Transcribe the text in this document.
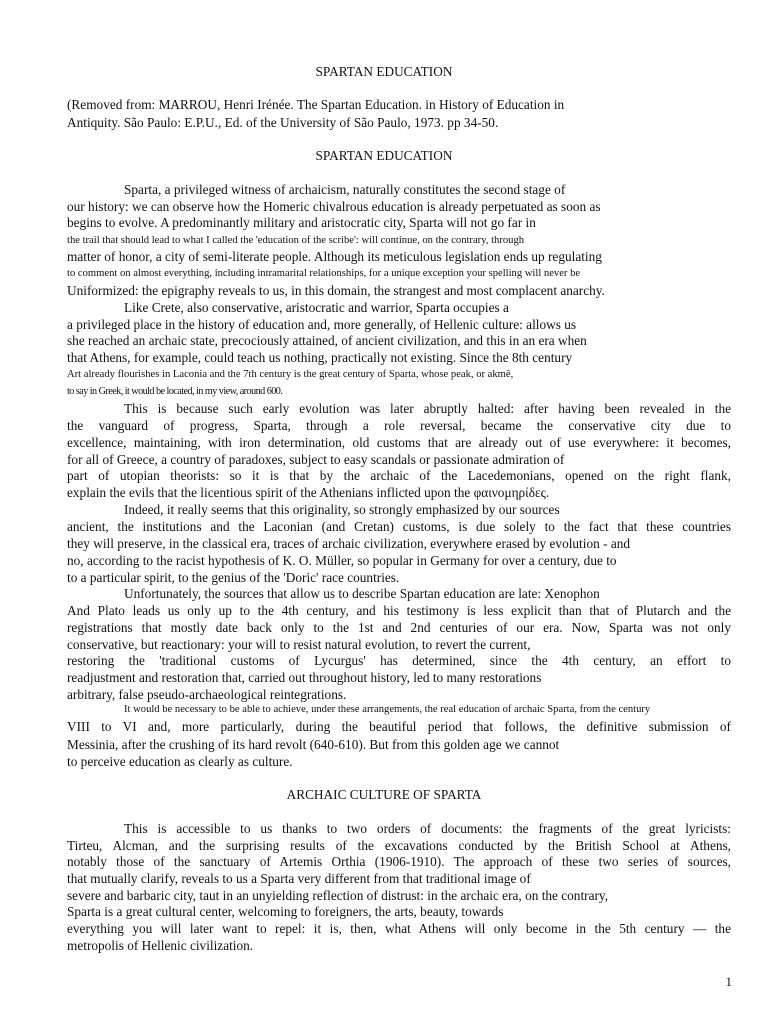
SPARTAN EDUCATION
(Removed from: MARROU, Henri Irénée. The Spartan Education. in History of Education in
Antiquity. São Paulo: E.P.U., Ed. of the University of São Paulo, 1973. pp 34-50.
SPARTAN EDUCATION
Sparta, a privileged witness of archaicism, naturally constitutes the second stage of
our history: we can observe how the Homeric chivalrous education is already perpetuated as soon as
begins to evolve. A predominantly military and aristocratic city, Sparta will not go far in
the trail that should lead to what I called the 'education of the scribe': will continue, on the contrary, through
matter of honor, a city of semi-literate people. Although its meticulous legislation ends up regulating
to comment on almost everything, including intramarital relationships, for a unique exception your spelling will never be
Uniformized: the epigraphy reveals to us, in this domain, the strangest and most complacent anarchy.
Like Crete, also conservative, aristocratic and warrior, Sparta occupies a
a privileged place in the history of education and, more generally, of Hellenic culture: allows us
she reached an archaic state, precociously attained, of ancient civilization, and this in an era when
that Athens, for example, could teach us nothing, practically not existing. Since the 8th century
Art already flourishes in Laconia and the 7th century is the great century of Sparta, whose peak, or akmē,
to say in Greek, it would be located, in my view, around 600.
This is because such early evolution was later abruptly halted: after having been revealed in the
the vanguard of progress, Sparta, through a role reversal, became the conservative city due to
excellence, maintaining, with iron determination, old customs that are already out of use everywhere: it becomes,
for all of Greece, a country of paradoxes, subject to easy scandals or passionate admiration of
part of utopian theorists: so it is that by the archaic of the Lacedemonians, opened on the right flank,
explain the evils that the licentious spirit of the Athenians inflicted upon the φαινομηρίδες.
Indeed, it really seems that this originality, so strongly emphasized by our sources
ancient, the institutions and the Laconian (and Cretan) customs, is due solely to the fact that these countries
they will preserve, in the classical era, traces of archaic civilization, everywhere erased by evolution - and
no, according to the racist hypothesis of K. O. Müller, so popular in Germany for over a century, due to
to a particular spirit, to the genius of the 'Doric' race countries.
Unfortunately, the sources that allow us to describe Spartan education are late: Xenophon
And Plato leads us only up to the 4th century, and his testimony is less explicit than that of Plutarch and the
registrations that mostly date back only to the 1st and 2nd centuries of our era. Now, Sparta was not only
conservative, but reactionary: your will to resist natural evolution, to revert the current,
restoring the 'traditional customs of Lycurgus' has determined, since the 4th century, an effort to
readjustment and restoration that, carried out throughout history, led to many restorations
arbitrary, false pseudo-archaeological reintegrations.
It would be necessary to be able to achieve, under these arrangements, the real education of archaic Sparta, from the century
VIII to VI and, more particularly, during the beautiful period that follows, the definitive submission of
Messinia, after the crushing of its hard revolt (640-610). But from this golden age we cannot
to perceive education as clearly as culture.
ARCHAIC CULTURE OF SPARTA
This is accessible to us thanks to two orders of documents: the fragments of the great lyricists:
Tirteu, Alcman, and the surprising results of the excavations conducted by the British School at Athens,
notably those of the sanctuary of Artemis Orthia (1906-1910). The approach of these two series of sources,
that mutually clarify, reveals to us a Sparta very different from that traditional image of
severe and barbaric city, taut in an unyielding reflection of distrust: in the archaic era, on the contrary,
Sparta is a great cultural center, welcoming to foreigners, the arts, beauty, towards
everything you will later want to repel: it is, then, what Athens will only become in the 5th century — the
metropolis of Hellenic civilization.
1
